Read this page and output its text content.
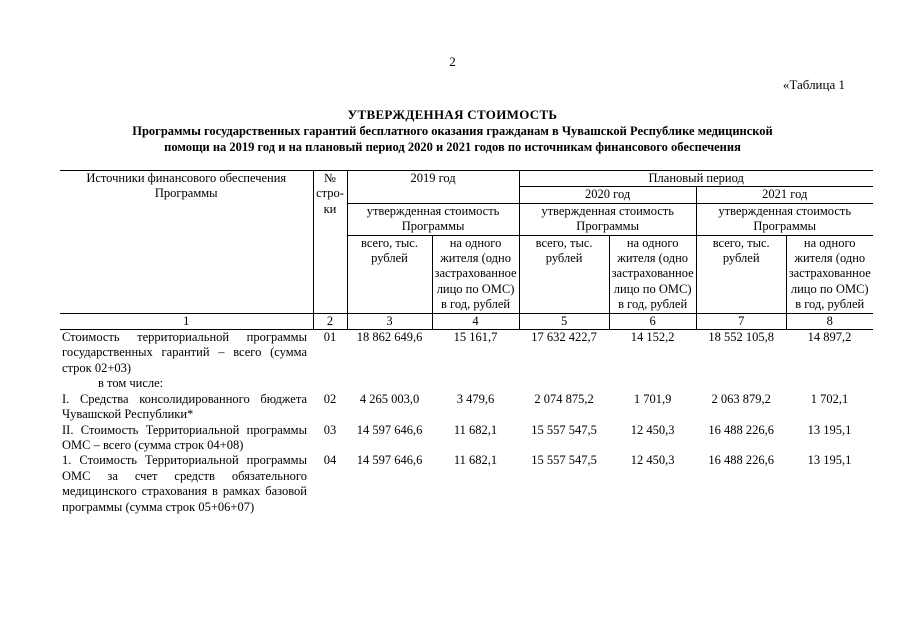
2
«Таблица 1
УТВЕРЖДЕННАЯ СТОИМОСТЬ
Программы государственных гарантий бесплатного оказания гражданам в Чувашской Республике медицинской
помощи на 2019 год и на плановый период 2020 и 2021 годов по источникам финансового обеспечения
Источники финансового обеспечения Программы	№ стро-ки	2019 год		Плановый период			
				2020 год		2021 год	
		утвержденная стоимость Программы		утвержденная стоимость Программы		утвержденная стоимость Программы	
		всего, тыс. рублей	на одного жителя (одно застрахованное лицо по ОМС) в год, рублей	всего, тыс. рублей	на одного жителя (одно застрахованное лицо по ОМС) в год, рублей	всего, тыс. рублей	на одного жителя (одно застрахованное лицо по ОМС) в год, рублей
1	2	3	4	5	6	7	8
Стоимость территориальной программы государственных гарантий – всего (сумма строк 02+03)	01	18 862 649,6	15 161,7	17 632 422,7	14 152,2	18 552 105,8	14 897,2
в том числе:							
I. Средства консолидированного бюджета Чувашской Республики*	02	4 265 003,0	3 479,6	2 074 875,2	1 701,9	2 063 879,2	1 702,1
II. Стоимость Территориальной программы ОМС – всего (сумма строк 04+08)	03	14 597 646,6	11 682,1	15 557 547,5	12 450,3	16 488 226,6	13 195,1
1. Стоимость Территориальной программы ОМС за счет средств обязательного медицинского страхования в рамках базовой программы (сумма строк 05+06+07)	04	14 597 646,6	11 682,1	15 557 547,5	12 450,3	16 488 226,6	13 195,1
